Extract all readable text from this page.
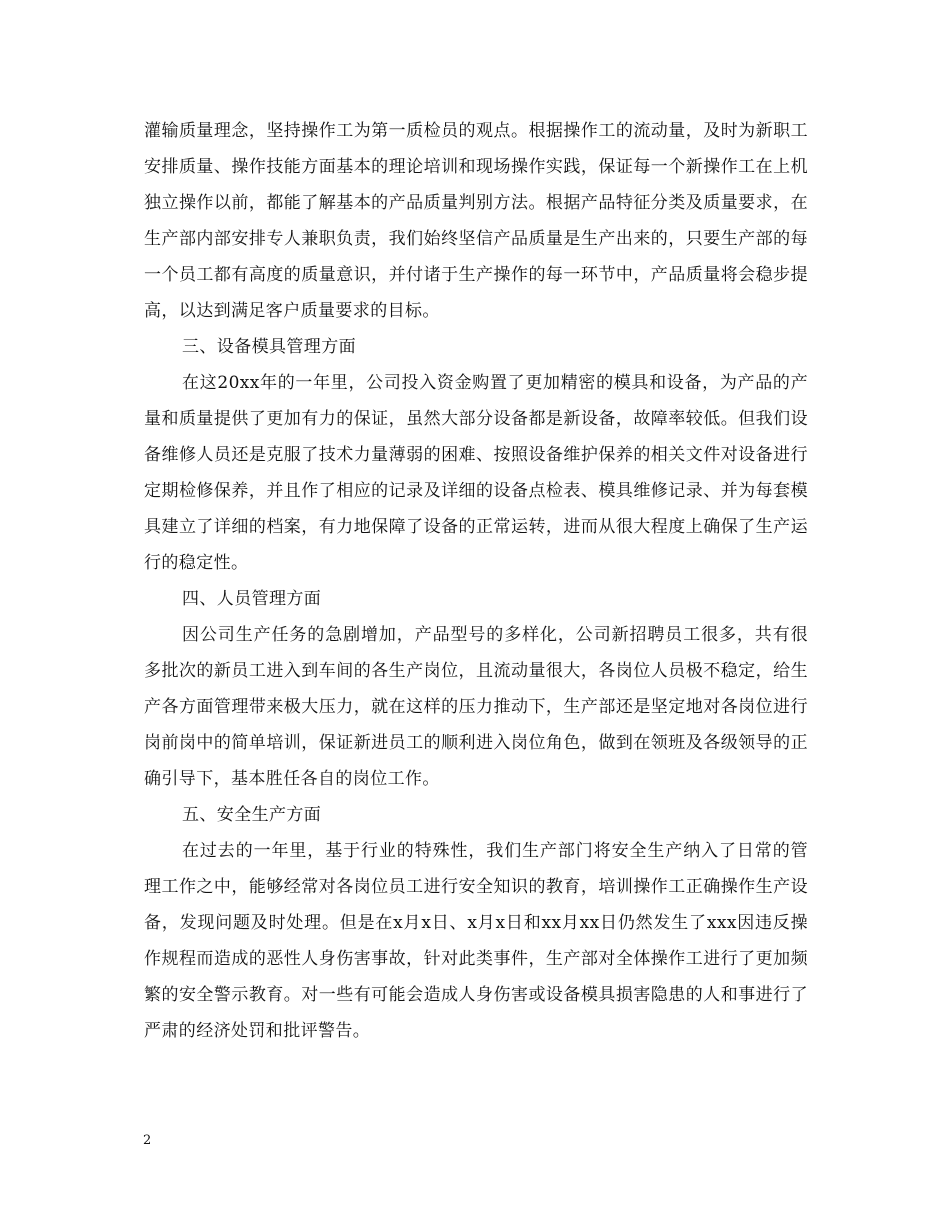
灌输质量理念，坚持操作工为第一质检员的观点。根据操作工的流动量，及时为新职工安排质量、操作技能方面基本的理论培训和现场操作实践，保证每一个新操作工在上机独立操作以前，都能了解基本的产品质量判别方法。根据产品特征分类及质量要求，在生产部内部安排专人兼职负责，我们始终坚信产品质量是生产出来的，只要生产部的每一个员工都有高度的质量意识，并付诸于生产操作的每一环节中，产品质量将会稳步提高，以达到满足客户质量要求的目标。

三、设备模具管理方面

在这20xx年的一年里，公司投入资金购置了更加精密的模具和设备，为产品的产量和质量提供了更加有力的保证，虽然大部分设备都是新设备，故障率较低。但我们设备维修人员还是克服了技术力量薄弱的困难、按照设备维护保养的相关文件对设备进行定期检修保养，并且作了相应的记录及详细的设备点检表、模具维修记录、并为每套模具建立了详细的档案，有力地保障了设备的正常运转，进而从很大程度上确保了生产运行的稳定性。

四、人员管理方面

因公司生产任务的急剧增加，产品型号的多样化，公司新招聘员工很多，共有很多批次的新员工进入到车间的各生产岗位，且流动量很大，各岗位人员极不稳定，给生产各方面管理带来极大压力，就在这样的压力推动下，生产部还是坚定地对各岗位进行岗前岗中的简单培训，保证新进员工的顺利进入岗位角色，做到在领班及各级领导的正确引导下，基本胜任各自的岗位工作。

五、安全生产方面

在过去的一年里，基于行业的特殊性，我们生产部门将安全生产纳入了日常的管理工作之中，能够经常对各岗位员工进行安全知识的教育，培训操作工正确操作生产设备，发现问题及时处理。但是在x月x日、x月x日和xx月xx日仍然发生了xxx因违反操作规程而造成的恶性人身伤害事故，针对此类事件，生产部对全体操作工进行了更加频繁的安全警示教育。对一些有可能会造成人身伤害或设备模具损害隐患的人和事进行了严肃的经济处罚和批评警告。

2
